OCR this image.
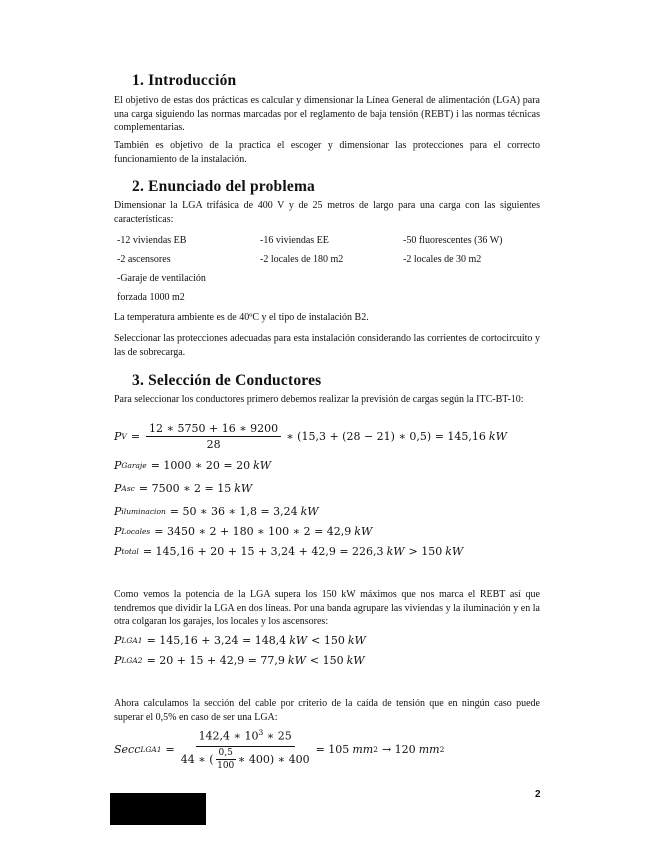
1. Introducción
El objetivo de estas dos prácticas es calcular y dimensionar la Línea General de alimentación (LGA) para una carga siguiendo las normas marcadas por el reglamento de baja tensión (REBT) i las normas técnicas complementarias.
También es objetivo de la practica el escoger y dimensionar las protecciones para el correcto funcionamiento de la instalación.
2. Enunciado del problema
Dimensionar la LGA trifásica de 400 V y de 25 metros de largo para una carga con las siguientes características:
-12 viviendas EB	-16 viviendas EE	-50 fluorescentes (36 W)
-2 ascensores	-2 locales de 180 m2	-2 locales de 30 m2
-Garaje de ventilación
forzada 1000 m2
La temperatura ambiente es de 40ºC y el tipo de instalación B2.
Seleccionar las protecciones adecuadas para esta instalación considerando las corrientes de cortocircuito y las de sobrecarga.
3. Selección de Conductores
Para seleccionar los conductores primero debemos realizar la previsión de cargas según la ITC-BT-10:
P $V = \frac{12 ∗ 5750 + 16 ∗ 9200}{28}$ ∗ (15,3 + (28 − 21) ∗ 0,5) = 145,16 kW
P Garaje = 1000 ∗ 20 = 20 kW
P Asc = 7500 ∗ 2 = 15 kW
P iluminacion = 50 ∗ 36 ∗ 1,8 = 3,24 kW
P Locales = 3450 ∗ 2 + 180 ∗ 100 ∗ 2 = 42,9 kW
P total = 145,16 + 20 + 15 + 3,24 + 42,9 = 226,3 kW > 150 kW
Como vemos la potencia de la LGA supera los 150 kW máximos que nos marca el REBT así que tendremos que dividir la LGA en dos líneas. Por una banda agrupare las viviendas y la iluminación y en la otra colgaran los garajes, los locales y los ascensores:
P LGA1 = 145,16 + 3,24 = 148,4 kW < 150 kW
P LGA2 = 20 + 15 + 42,9 = 77,9 kW < 150 kW
Ahora calculamos la sección del cable por criterio de la caída de tensión que en ningún caso puede superar el 0,5% en caso de ser una LGA:
Secc LGA1 =
142,4 ∗ $10^3$ ∗ 25
44 ∗ ( $\frac{0,5}{100}$ ∗ 400) ∗ 400
= 105 mm 2 → 120 mm 2
2
